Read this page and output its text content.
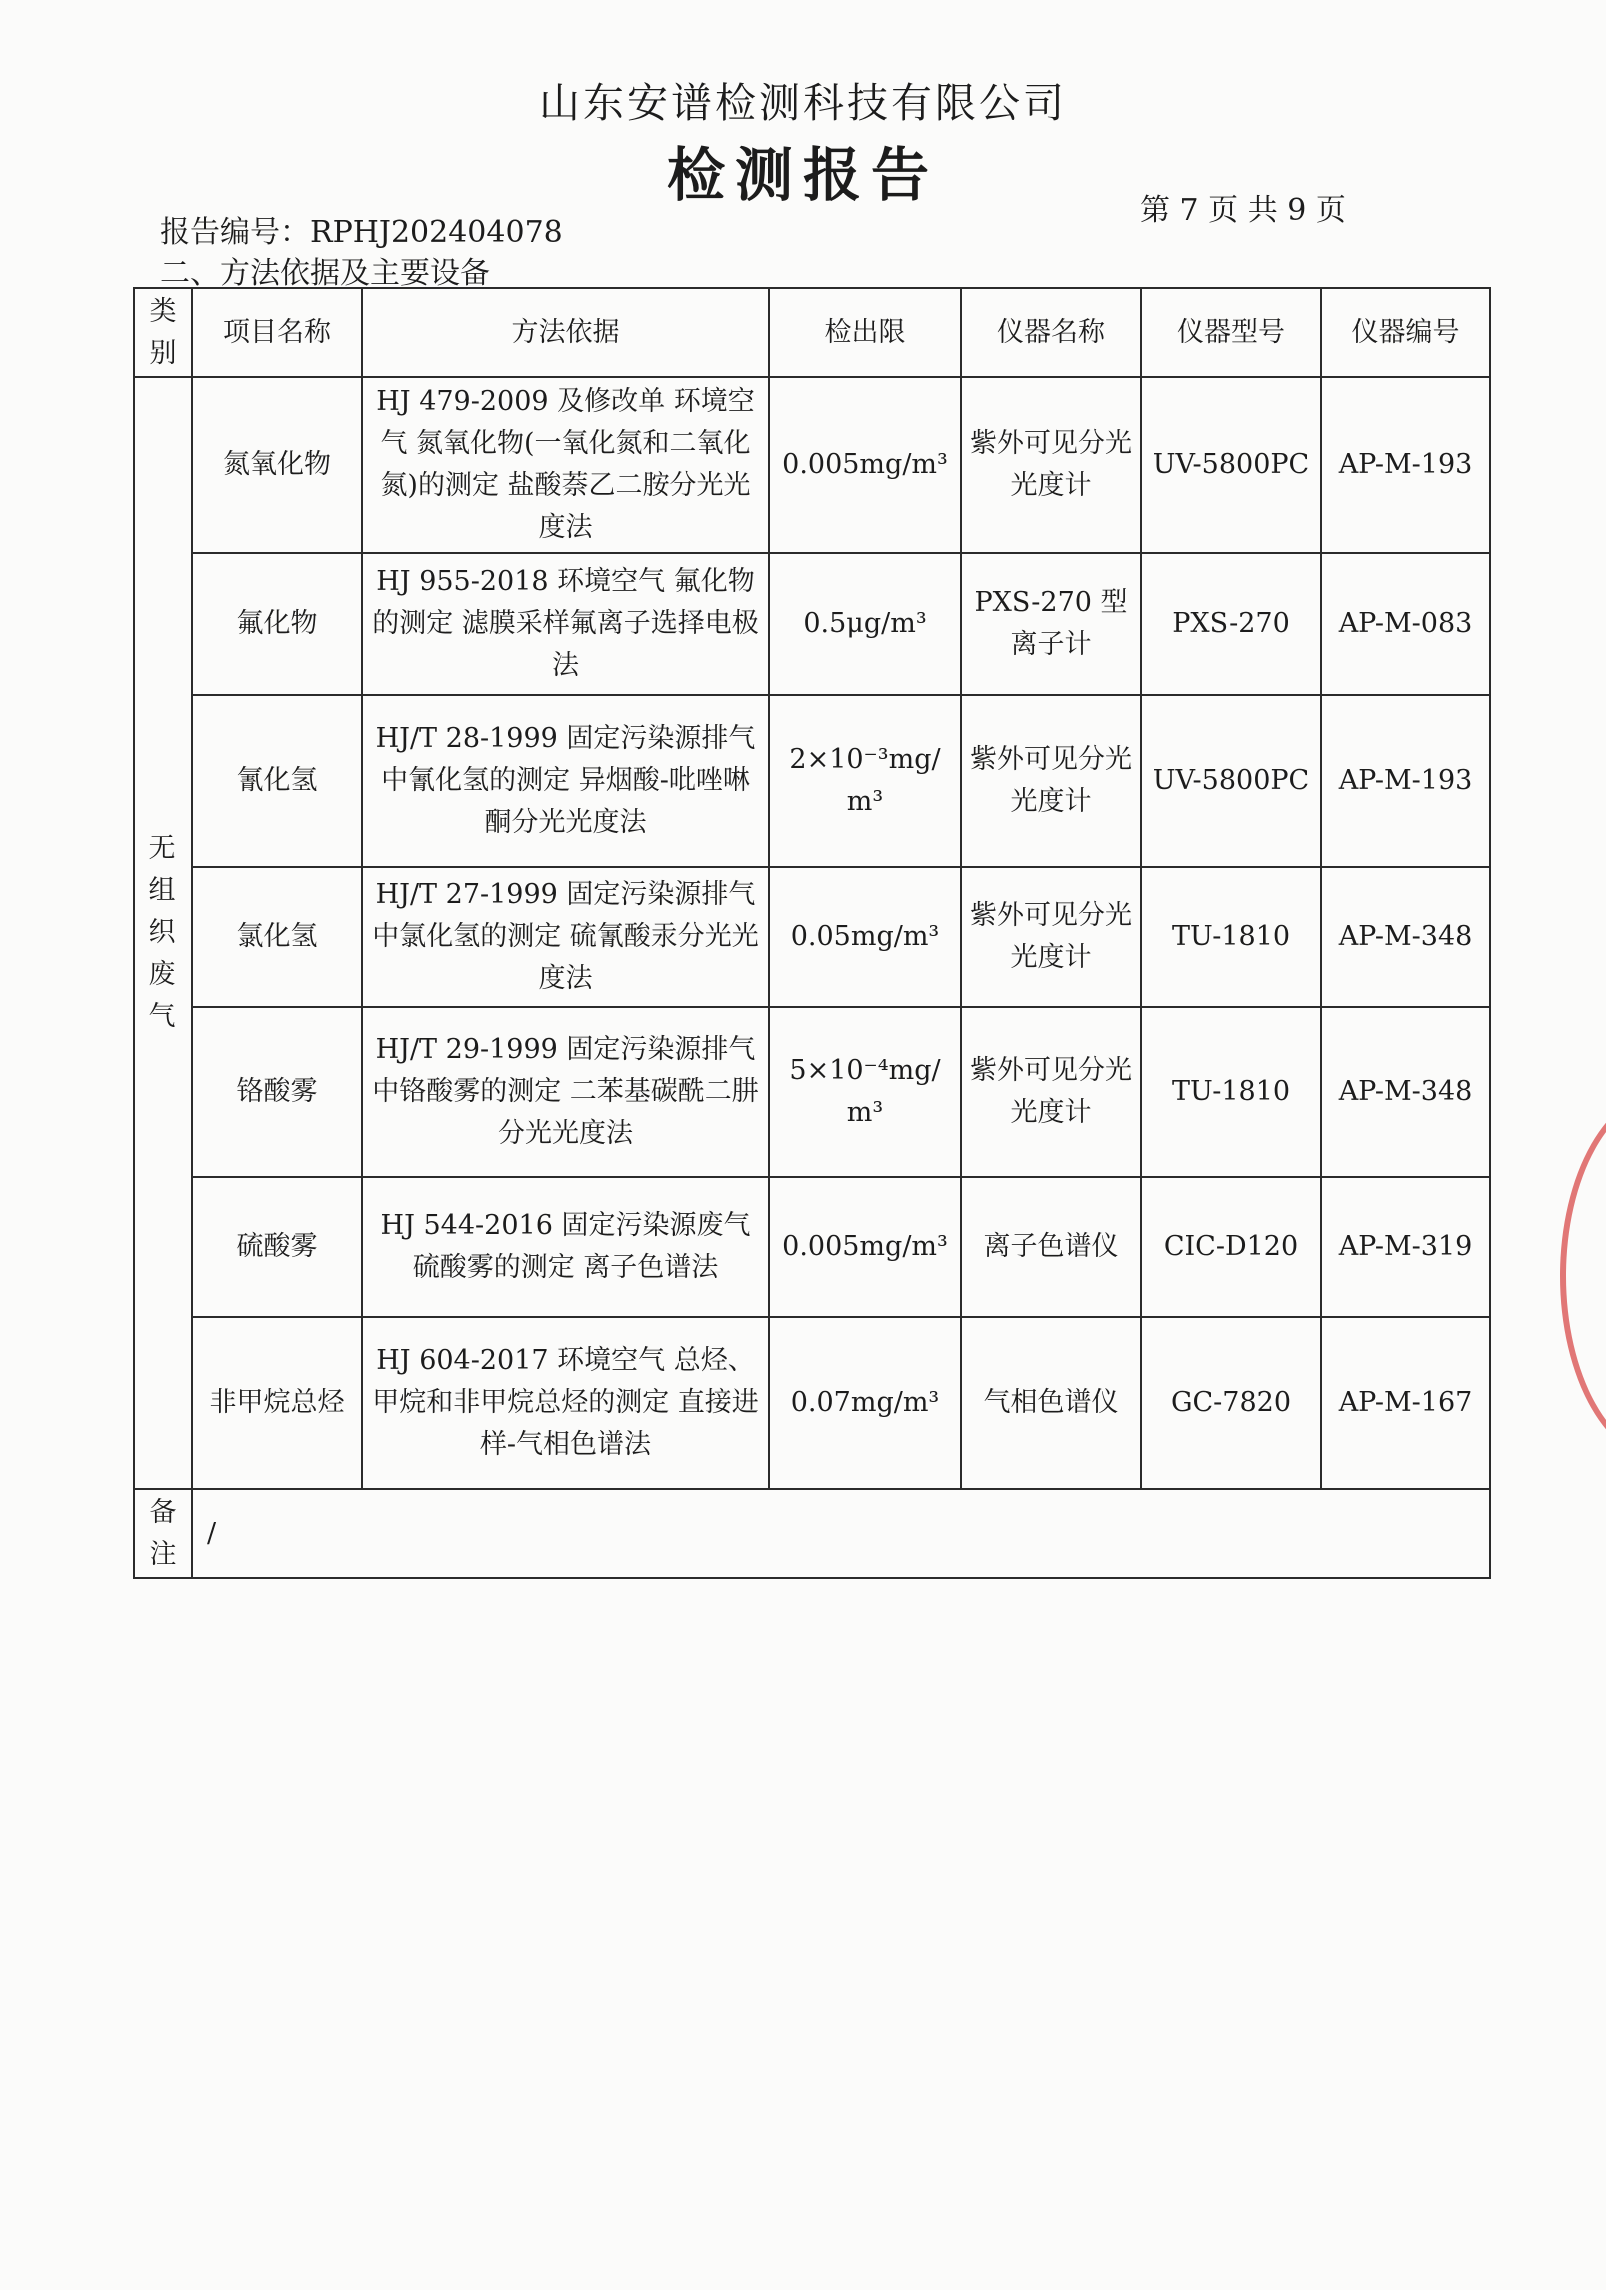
山东安谱检测科技有限公司
检测报告
第 7 页 共 9 页
报告编号：RPHJ202404078
二、方法依据及主要设备
类别	项目名称	方法依据	检出限	仪器名称	仪器型号	仪器编号
无组织废气	氮氧化物	HJ 479-2009 及修改单 环境空气 氮氧化物(一氧化氮和二氧化氮)的测定 盐酸萘乙二胺分光光度法	0.005mg/m³	紫外可见分光光度计	UV-5800PC	AP-M-193
	氟化物	HJ 955-2018 环境空气 氟化物的测定 滤膜采样氟离子选择电极法	0.5μg/m³	PXS-270 型离子计	PXS-270	AP-M-083
	氰化氢	HJ/T 28-1999 固定污染源排气中氰化氢的测定 异烟酸-吡唑啉酮分光光度法	2×10⁻³mg/m³	紫外可见分光光度计	UV-5800PC	AP-M-193
	氯化氢	HJ/T 27-1999 固定污染源排气中氯化氢的测定 硫氰酸汞分光光度法	0.05mg/m³	紫外可见分光光度计	TU-1810	AP-M-348
	铬酸雾	HJ/T 29-1999 固定污染源排气中铬酸雾的测定 二苯基碳酰二肼分光光度法	5×10⁻⁴mg/m³	紫外可见分光光度计	TU-1810	AP-M-348
	硫酸雾	HJ 544-2016 固定污染源废气 硫酸雾的测定 离子色谱法	0.005mg/m³	离子色谱仪	CIC-D120	AP-M-319
	非甲烷总烃	HJ 604-2017 环境空气 总烃、甲烷和非甲烷总烃的测定 直接进样-气相色谱法	0.07mg/m³	气相色谱仪	GC-7820	AP-M-167
备注	/					
